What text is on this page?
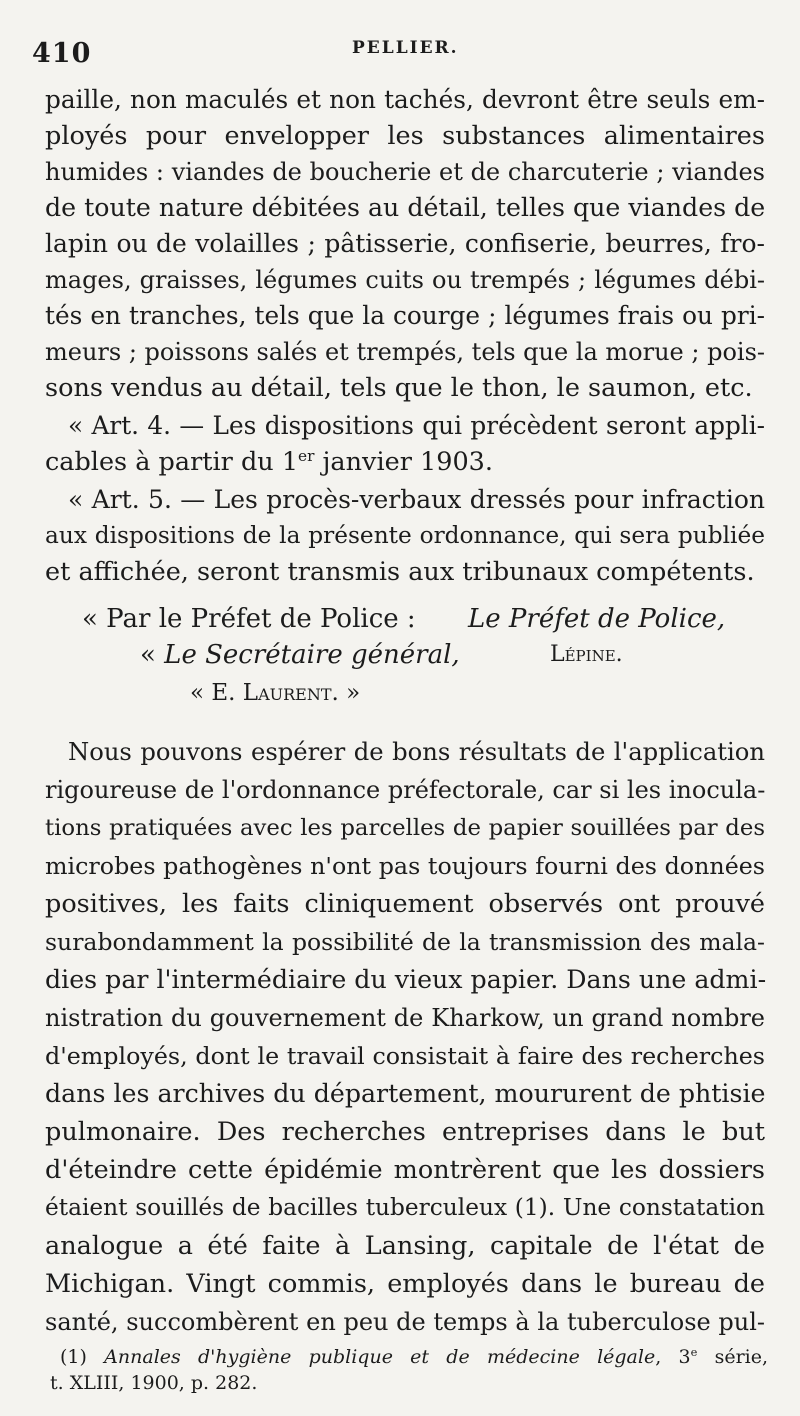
410	PELLIER.
paille, non maculés et non tachés, devront être seuls em-
ployés pour envelopper les substances alimentaires
humides : viandes de boucherie et de charcuterie ; viandes
de toute nature débitées au détail, telles que viandes de
lapin ou de volailles ; pâtisserie, confiserie, beurres, fro-
mages, graisses, légumes cuits ou trempés ; légumes débi-
tés en tranches, tels que la courge ; légumes frais ou pri-
meurs ; poissons salés et trempés, tels que la morue ; pois-
sons vendus au détail, tels que le thon, le saumon, etc.
« Art. 4. — Les dispositions qui précèdent seront appli-
cables à partir du 1er janvier 1903.
« Art. 5. — Les procès-verbaux dressés pour infraction
aux dispositions de la présente ordonnance, qui sera publiée
et affichée, seront transmis aux tribunaux compétents.
« Par le Préfet de Police : Le Préfet de Police,
« Le Secrétaire général,	Lépine.
« E. Laurent. »
Nous pouvons espérer de bons résultats de l'application
rigoureuse de l'ordonnance préfectorale, car si les inocula-
tions pratiquées avec les parcelles de papier souillées par des
microbes pathogènes n'ont pas toujours fourni des données
positives, les faits cliniquement observés ont prouvé
surabondamment la possibilité de la transmission des mala-
dies par l'intermédiaire du vieux papier. Dans une admi-
nistration du gouvernement de Kharkow, un grand nombre
d'employés, dont le travail consistait à faire des recherches
dans les archives du département, moururent de phtisie
pulmonaire. Des recherches entreprises dans le but
d'éteindre cette épidémie montrèrent que les dossiers
étaient souillés de bacilles tuberculeux (1). Une constatation
analogue a été faite à Lansing, capitale de l'état de
Michigan. Vingt commis, employés dans le bureau de
santé, succombèrent en peu de temps à la tuberculose pul-
(1) Annales d'hygiène publique et de médecine légale, 3e série,
t. XLIII, 1900, p. 282.
